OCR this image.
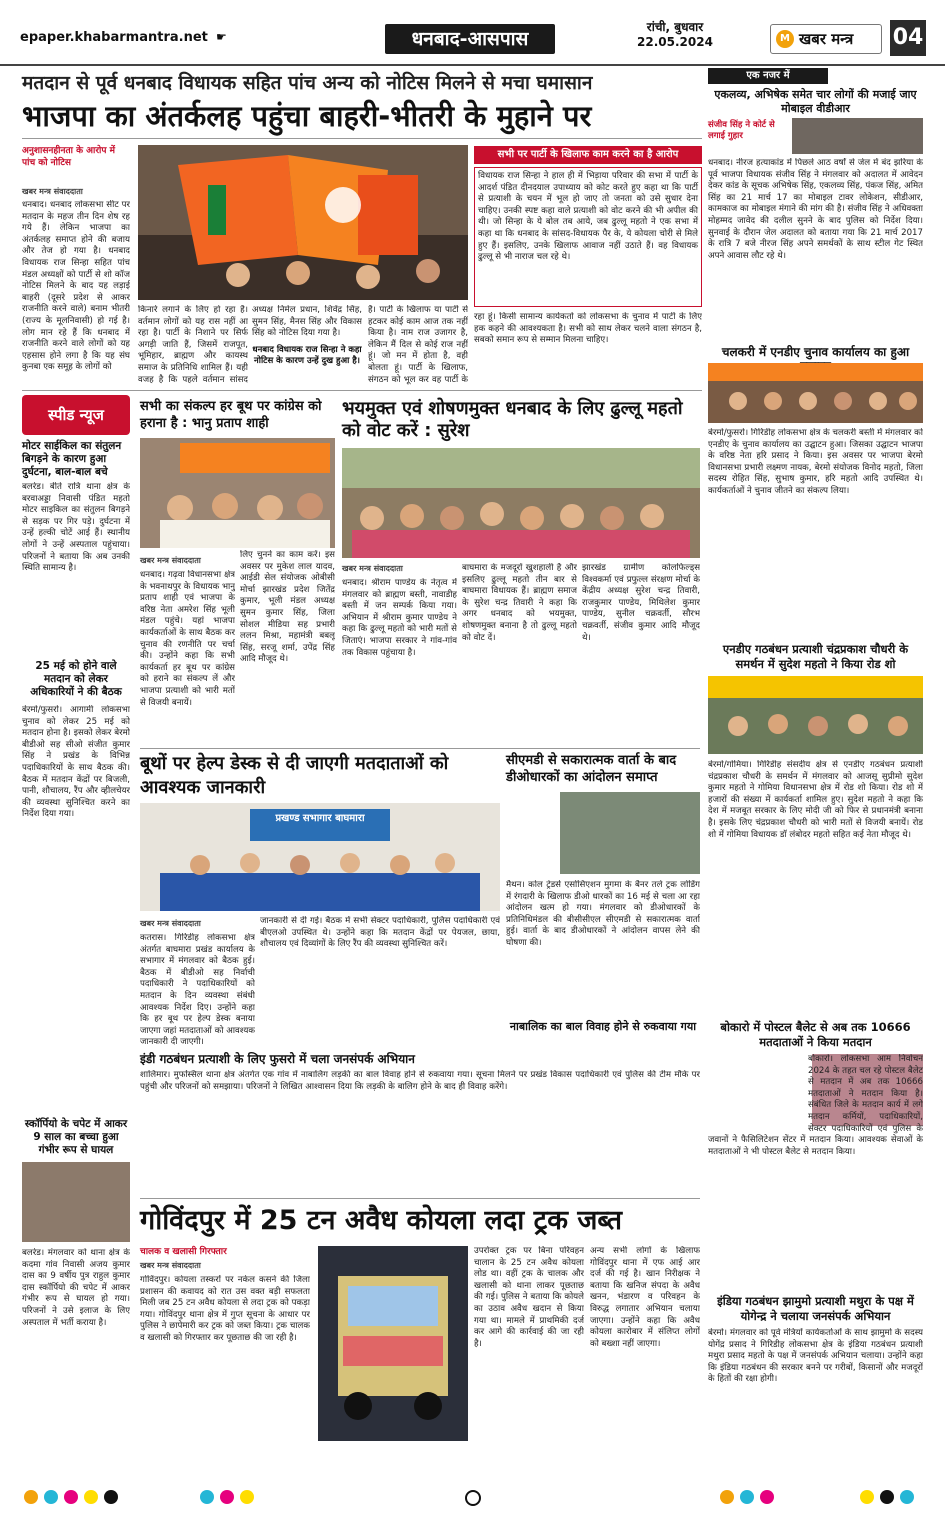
epaper.khabarmantra.net ☛	धनबाद-आसपास
रांची, बुधवार
22.05.2024	M खबर मन्त्र	04
मतदान से पूर्व धनबाद विधायक सहित पांच अन्य को नोटिस मिलने से मचा घमासान
भाजपा का अंतर्कलह पहुंचा बाहरी-भीतरी के मुहाने पर
अनुशासनहीनता के आरोप में पांच को नोटिस
खबर मन्त्र संवाददाता
धनबाद। धनबाद लोकसभा सीट पर मतदान के महज तीन दिन शेष रह गये हैं। लेकिन भाजपा का अंतर्कलह समाप्त होने की बजाय और तेज हो गया है। धनबाद विधायक राज सिन्हा सहित पांच मंडल अध्यक्षों को पार्टी से शो कॉज नोटिस मिलने के बाद यह लड़ाई बाहरी (दूसरे प्रदेश से आकर राजनीति करने वाले) बनाम भीतरी (राज्य के मूलनिवासी) हो गई है। लोग मान रहे हैं कि धनबाद में राजनीति करने वाले लोगों को यह एहसास होने लगा है कि यह संघ कुनबा एक समूह के लोगों को
किनारे लगाने के लिए हो रहा है। वर्तमान लोगों को यह रास नहीं आ रहा है। पार्टी के निशाने पर सिर्फ अगड़ी जाति हैं, जिसमें राजपूत, भूमिहार, ब्राह्मण और कायस्थ समाज के प्रतिनिधि शामिल हैं। यही वजह है कि पहले वर्तमान सांसद
अध्यक्ष निर्मल प्रधान, शिवेंद्र सिंह, सुमन सिंह, मैनस सिंह और विकास सिंह को नोटिस दिया गया है।
धनबाद विधायक राज सिन्हा ने कहा नोटिस के कारण उन्हें दुख हुआ है।
है। पार्टी के खिलाफ या पार्टी से हटकर कोई काम आज तक नहीं किया है। नाम राज उजागर है, लेकिन मैं दिल से कोई राज नहीं हूं। जो मन में होता है, वही बोलता हूं। पार्टी के खिलाफ, संगठन को भूल कर वह पार्टी के
सभी पर पार्टी के खिलाफ काम करने का है आरोप
विधायक राज सिन्हा ने हाल ही में भिड़ाया परिवार की सभा में पार्टी के आदर्श पंडित दीनदयाल उपाध्याय को कोट करते हुए कहा था कि पार्टी से प्रत्याशी के चयन में भूल हो जाए तो जनता को उसे सुधार देना चाहिए। उनकी स्पष्ट कहा वाले प्रत्याशी को वोट करने की भी अपील की थी। जो सिन्हा के ये बोल तब आये, जब ढुल्लू महतो ने एक सभा में कहा था कि धनबाद के सांसद-विधायक पैर के, ये कोयला चोरी से मिले हुए हैं। इसलिए, उनके खिलाफ आवाज नहीं उठाते हैं। वह विधायक ढुल्लू से भी नाराज चल रहे थे।
रहा हूं। किसी सामान्य कार्यकर्ता को लोकसभा के चुनाव में पार्टी के लिए हक कहने की आवश्यकता है। सभी को साथ लेकर चलने वाला संगठन है, सबको समान रूप से सम्मान मिलना चाहिए।
एक नजर में
एकलव्य, अभिषेक समेत चार लोगों की मजाई जाए मोबाइल वीडीआर
संजीव सिंह ने कोर्ट से लगाई गुहार
धनबाद। नीरज हत्याकांड में पिछले आठ वर्षों से जेल में बंद झरिया के पूर्व भाजपा विधायक संजीव सिंह ने मंगलवार को अदालत में आवेदन देकर कांड के सूचक अभिषेक सिंह, एकलव्य सिंह, पंकज सिंह, अमित सिंह का 21 मार्च 17 का मोबाइल टावर लोकेशन, सीडीआर, कामकाज का मोबाइल मंगाने की मांग की है। संजीव सिंह ने अधिवक्ता मोहम्मद जावेद की दलील सुनने के बाद पुलिस को निर्देश दिया। सुनवाई के दौरान जेल अदालत को बताया गया कि 21 मार्च 2017 के रात्रि 7 बजे नीरज सिंह अपने समर्थकों के साथ स्टील गेट स्थित अपने आवास लौट रहे थे।
चलकरी में एनडीए चुनाव कार्यालय का हुआ
बेरमो/फुसरो। गिरिडीह लोकसभा क्षेत्र के चलकरी बस्ती में मंगलवार को एनडीए के चुनाव कार्यालय का उद्घाटन हुआ। जिसका उद्घाटन भाजपा के वरिष्ठ नेता हरि प्रसाद ने किया। इस अवसर पर भाजपा बेरमो विधानसभा प्रभारी लक्ष्मण नायक, बेरमो संयोजक विनोद महतो, जिला सदस्य रोहित सिंह, सुभाष कुमार, हरि महतो आदि उपस्थित थे। कार्यकर्ताओं ने चुनाव जीतने का संकल्प लिया।
स्पीड न्यूज
मोटर साईकिल का संतुलन बिगड़ने के कारण हुआ दुर्घटना, बाल-बाल बचे
बलरेड। बीते रात्रि थाना क्षेत्र के बरवाअड्डा निवासी पंडित महतो मोटर साइकिल का संतुलन बिगड़ने से सड़क पर गिर पड़े। दुर्घटना में उन्हें हल्की चोटें आई हैं। स्थानीय लोगों ने उन्हें अस्पताल पहुंचाया। परिजनों ने बताया कि अब उनकी स्थिति सामान्य है।
25 मई को होने वाले मतदान को लेकर अधिकारियों ने की बैठक
बेरमो/फुसरो। आगामी लोकसभा चुनाव को लेकर 25 मई को मतदान होना है। इसको लेकर बेरमो बीडीओ सह सीओ संजीत कुमार सिंह ने प्रखंड के विभिन्न पदाधिकारियों के साथ बैठक की। बैठक में मतदान केंद्रों पर बिजली, पानी, शौचालय, रैंप और व्हीलचेयर की व्यवस्था सुनिश्चित करने का निर्देश दिया गया।
स्कॉर्पियो के चपेट में आकर 9 साल का बच्चा हुआ गंभीर रूप से घायल
बलरेड। मंगलवार को थाना क्षेत्र के कदमा गांव निवासी अजय कुमार दास का 9 वर्षीय पुत्र राहुल कुमार दास स्कॉर्पियो की चपेट में आकर गंभीर रूप से घायल हो गया। परिजनों ने उसे इलाज के लिए अस्पताल में भर्ती कराया है।
सभी का संकल्प हर बूथ पर कांग्रेस को हराना है : भानु प्रताप शाही
खबर मन्त्र संवाददाता
धनबाद। गढ़वा विधानसभा क्षेत्र के भवनाथपुर के विधायक भानु प्रताप शाही एवं भाजपा के वरिष्ठ नेता अमरेश सिंह भूली मंडल पहुंचे। यहां भाजपा कार्यकर्ताओं के साथ बैठक कर चुनाव की रणनीति पर चर्चा की। उन्होंने कहा कि सभी कार्यकर्ता हर बूथ पर कांग्रेस को हराने का संकल्प लें और भाजपा प्रत्याशी को भारी मतों से विजयी बनायें।
लिए चुनने का काम करें। इस अवसर पर मुकेश लाल यादव, आईडी सेल संयोजक ओबीसी मोर्चा झारखंड प्रदेश जितेंद्र कुमार, भूली मंडल अध्यक्ष सुमन कुमार सिंह, जिला सोशल मीडिया सह प्रभारी ललन मिश्रा, महामंत्री बबलू सिंह, सरजू शर्मा, उपेंद्र सिंह आदि मौजूद थे।
भयमुक्त एवं शोषणमुक्त धनबाद के लिए ढुल्लू महतो को वोट करें : सुरेश
खबर मन्त्र संवाददाता
धनबाद। श्रीराम पाण्डेय के नेतृत्व में मंगलवार को ब्राह्मण बस्ती, नावाडीह बस्ती में जन सम्पर्क किया गया। अभियान में श्रीराम कुमार पाण्डेय ने कहा कि ढुल्लू महतो को भारी मतों से जिताएं। भाजपा सरकार ने गांव-गांव तक विकास पहुंचाया है।
बाघमारा के मजदूरों खुशहाली है और इसलिए ढुल्लू महतो तीन बार से बाघमारा विधायक हैं। ब्राह्मण समाज के सुरेश चन्द्र तिवारी ने कहा कि अगर धनबाद को भयमुक्त, शोषणमुक्त बनाना है तो ढुल्लू महतो को वोट दें।
झारखंड ग्रामीण कोलफिल्ड्स विश्वकर्मा एवं प्रफुल्ल संरक्षण मोर्चा के केंद्रीय अध्यक्ष सुरेश चन्द्र तिवारी, राजकुमार पाण्डेय, मिथिलेश कुमार पाण्डेय, सुनील चक्रवर्ती, सौरभ चक्रवर्ती, संजीव कुमार आदि मौजूद थे।
बूथों पर हेल्प डेस्क से दी जाएगी मतदाताओं को आवश्यक जानकारी
प्रखण्ड सभागार बाघमारा
खबर मन्त्र संवाददाता
कतरास। गिरिडीह लोकसभा क्षेत्र अंतर्गत बाघमारा प्रखंड कार्यालय के सभागार में मंगलवार को बैठक हुई। बैठक में बीडीओ सह निर्वाची पदाधिकारी ने पदाधिकारियों को मतदान के दिन व्यवस्था संबंधी आवश्यक निर्देश दिए। उन्होंने कहा कि हर बूथ पर हेल्प डेस्क बनाया जाएगा जहां मतदाताओं को आवश्यक जानकारी दी जाएगी।
जानकारी से दी गई। बैठक में सभी सेक्टर पदाधिकारी, पुलिस पदाधिकारी एवं बीएलओ उपस्थित थे। उन्होंने कहा कि मतदान केंद्रों पर पेयजल, छाया, शौचालय एवं दिव्यांगों के लिए रैंप की व्यवस्था सुनिश्चित करें।
सीएमडी से सकारात्मक वार्ता के बाद डीओधारकों का आंदोलन समाप्त
मैथन। कोल ट्रेडर्स एसोसिएशन मुगमा के बैनर तले ट्रक लोडिंग में रंगदारी के खिलाफ डीओ धारकों का 16 मई से चला आ रहा आंदोलन खत्म हो गया। मंगलवार को डीओधारकों के प्रतिनिधिमंडल की बीसीसीएल सीएमडी से सकारात्मक वार्ता हुई। वार्ता के बाद डीओधारकों ने आंदोलन वापस लेने की घोषणा की।
नाबालिक का बाल विवाह होने से रुकवाया गया
इंडी गठबंधन प्रत्याशी के लिए फुसरो में चला जनसंपर्क अभियान
शालिमार। मुफस्सिल थाना क्षेत्र अंतर्गत एक गांव में नाबालिग लड़की का बाल विवाह होने से रुकवाया गया। सूचना मिलने पर प्रखंड विकास पदाधिकारी एवं पुलिस की टीम मौके पर पहुंची और परिजनों को समझाया। परिजनों ने लिखित आश्वासन दिया कि लड़की के बालिग होने के बाद ही विवाह करेंगे।
एनडीए गठबंधन प्रत्याशी चंद्रप्रकाश चौधरी के समर्थन में सुदेश महतो ने किया रोड शो
बेरमो/गोमिया। गिरिडीह संसदीय क्षेत्र से एनडीए गठबंधन प्रत्याशी चंद्रप्रकाश चौधरी के समर्थन में मंगलवार को आजसू सुप्रीमो सुदेश कुमार महतो ने गोमिया विधानसभा क्षेत्र में रोड शो किया। रोड शो में हजारों की संख्या में कार्यकर्ता शामिल हुए। सुदेश महतो ने कहा कि देश में मजबूत सरकार के लिए मोदी जी को फिर से प्रधानमंत्री बनाना है। इसके लिए चंद्रप्रकाश चौधरी को भारी मतों से विजयी बनायें। रोड शो में गोमिया विधायक डॉ लंबोदर महतो सहित कई नेता मौजूद थे।
बोकारो में पोस्टल बैलेट से अब तक 10666 मतदाताओं ने किया मतदान
बोकारो। लोकसभा आम निर्वाचन 2024 के तहत चल रहे पोस्टल बैलेट से मतदान में अब तक 10666 मतदाताओं ने मतदान किया है। संबंधित जिले के मतदान कार्य में लगे मतदान कर्मियों, पदाधिकारियों, सेक्टर पदाधिकारियों एवं पुलिस के जवानों ने फैसिलिटेशन सेंटर में मतदान किया। आवश्यक सेवाओं के मतदाताओं ने भी पोस्टल बैलेट से मतदान किया।
इंडिया गठबंधन झामुमो प्रत्याशी मथुरा के पक्ष में योगेन्द्र ने चलाया जनसंपर्क अभियान
बेरमो। मंगलवार को पूर्व मंत्रियों कार्यकर्ताओं के साथ झामुमो के सदस्य योगेंद्र प्रसाद ने गिरिडीह लोकसभा क्षेत्र के इंडिया गठबंधन प्रत्याशी मथुरा प्रसाद महतो के पक्ष में जनसंपर्क अभियान चलाया। उन्होंने कहा कि इंडिया गठबंधन की सरकार बनने पर गरीबों, किसानों और मजदूरों के हितों की रक्षा होगी।
गोविंदपुर में 25 टन अवैध कोयला लदा ट्रक जब्त
चालक व खलासी गिरफ्तार
खबर मन्त्र संवाददाता
गोविंदपुर। कोयला तस्करों पर नकेल कसने की जिला प्रशासन की कवायद को रात उस वक्त बड़ी सफलता मिली जब 25 टन अवैध कोयला से लदा ट्रक को पकड़ा गया। गोविंदपुर थाना क्षेत्र में गुप्त सूचना के आधार पर पुलिस ने छापेमारी कर ट्रक को जब्त किया। ट्रक चालक व खलासी को गिरफ्तार कर पूछताछ की जा रही है।
उपरोक्त ट्रक पर बिना परिवहन चालान के 25 टन अवैध कोयला लोड था। वहीं ट्रक के चालक और खलासी को थाना लाकर पूछताछ की गई। पुलिस ने बताया कि कोयले का उठाव अवैध खदान से किया गया था। मामले में प्राथमिकी दर्ज कर आगे की कार्रवाई की जा रही है।
अन्य सभी लोगों के खिलाफ गोविंदपुर थाना में एफ आई आर दर्ज की गई है। खान निरीक्षक ने बताया कि खनिज संपदा के अवैध खनन, भंडारण व परिवहन के विरुद्ध लगातार अभियान चलाया जाएगा। उन्होंने कहा कि अवैध कोयला कारोबार में संलिप्त लोगों को बख्शा नहीं जाएगा।
